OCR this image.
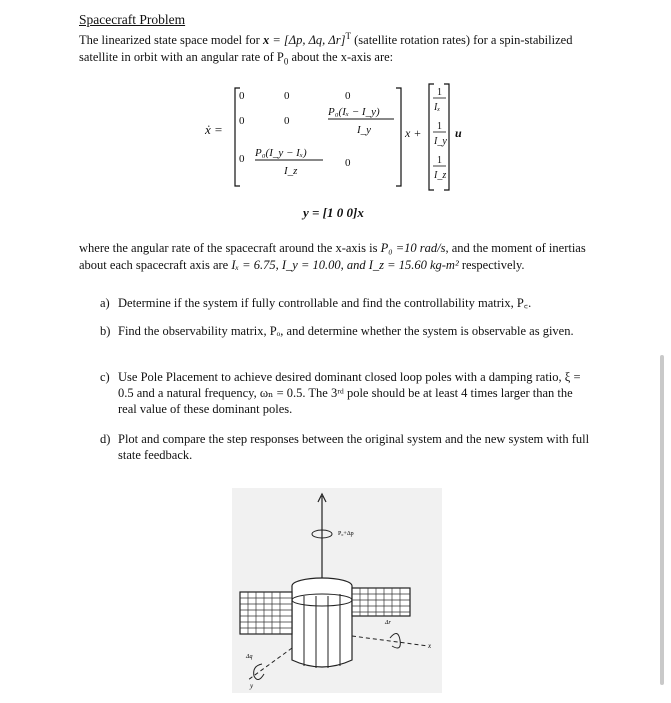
Spacecraft Problem
The linearized state space model for x = [Δp, Δq, Δr]$^T$ (satellite rotation rates) for a spin-stabilized satellite in orbit with an angular rate of $P_0$ about the x-axis are:
ẋ =
0
0
0
0
0
P₀(I_y − Iₓ)
I_z
0
P₀(Iₓ − I_y)
I_y
0
x +
1
Iₓ
1
I_y
1
I_z
u
y = [1 0 0]x
where the angular rate of the spacecraft around the x-axis is P₀ =10 rad/s, and the moment of inertias about each spacecraft axis are Iₓ = 6.75, I_y = 10.00, and I_z = 15.60 kg-m² respectively.
a) Determine if the system if fully controllable and find the controllability matrix, P꜀.
b) Find the observability matrix, Pₒ, and determine whether the system is observable as given.
c) Use Pole Placement to achieve desired dominant closed loop poles with a damping ratio, ξ = 0.5 and a natural frequency, ωₙ = 0.5. The 3ʳᵈ pole should be at least 4 times larger than the real value of these dominant poles.
d) Plot and compare the step responses between the original system and the new system with full state feedback.
P₀+Δp
Δr
x
Δq
y
